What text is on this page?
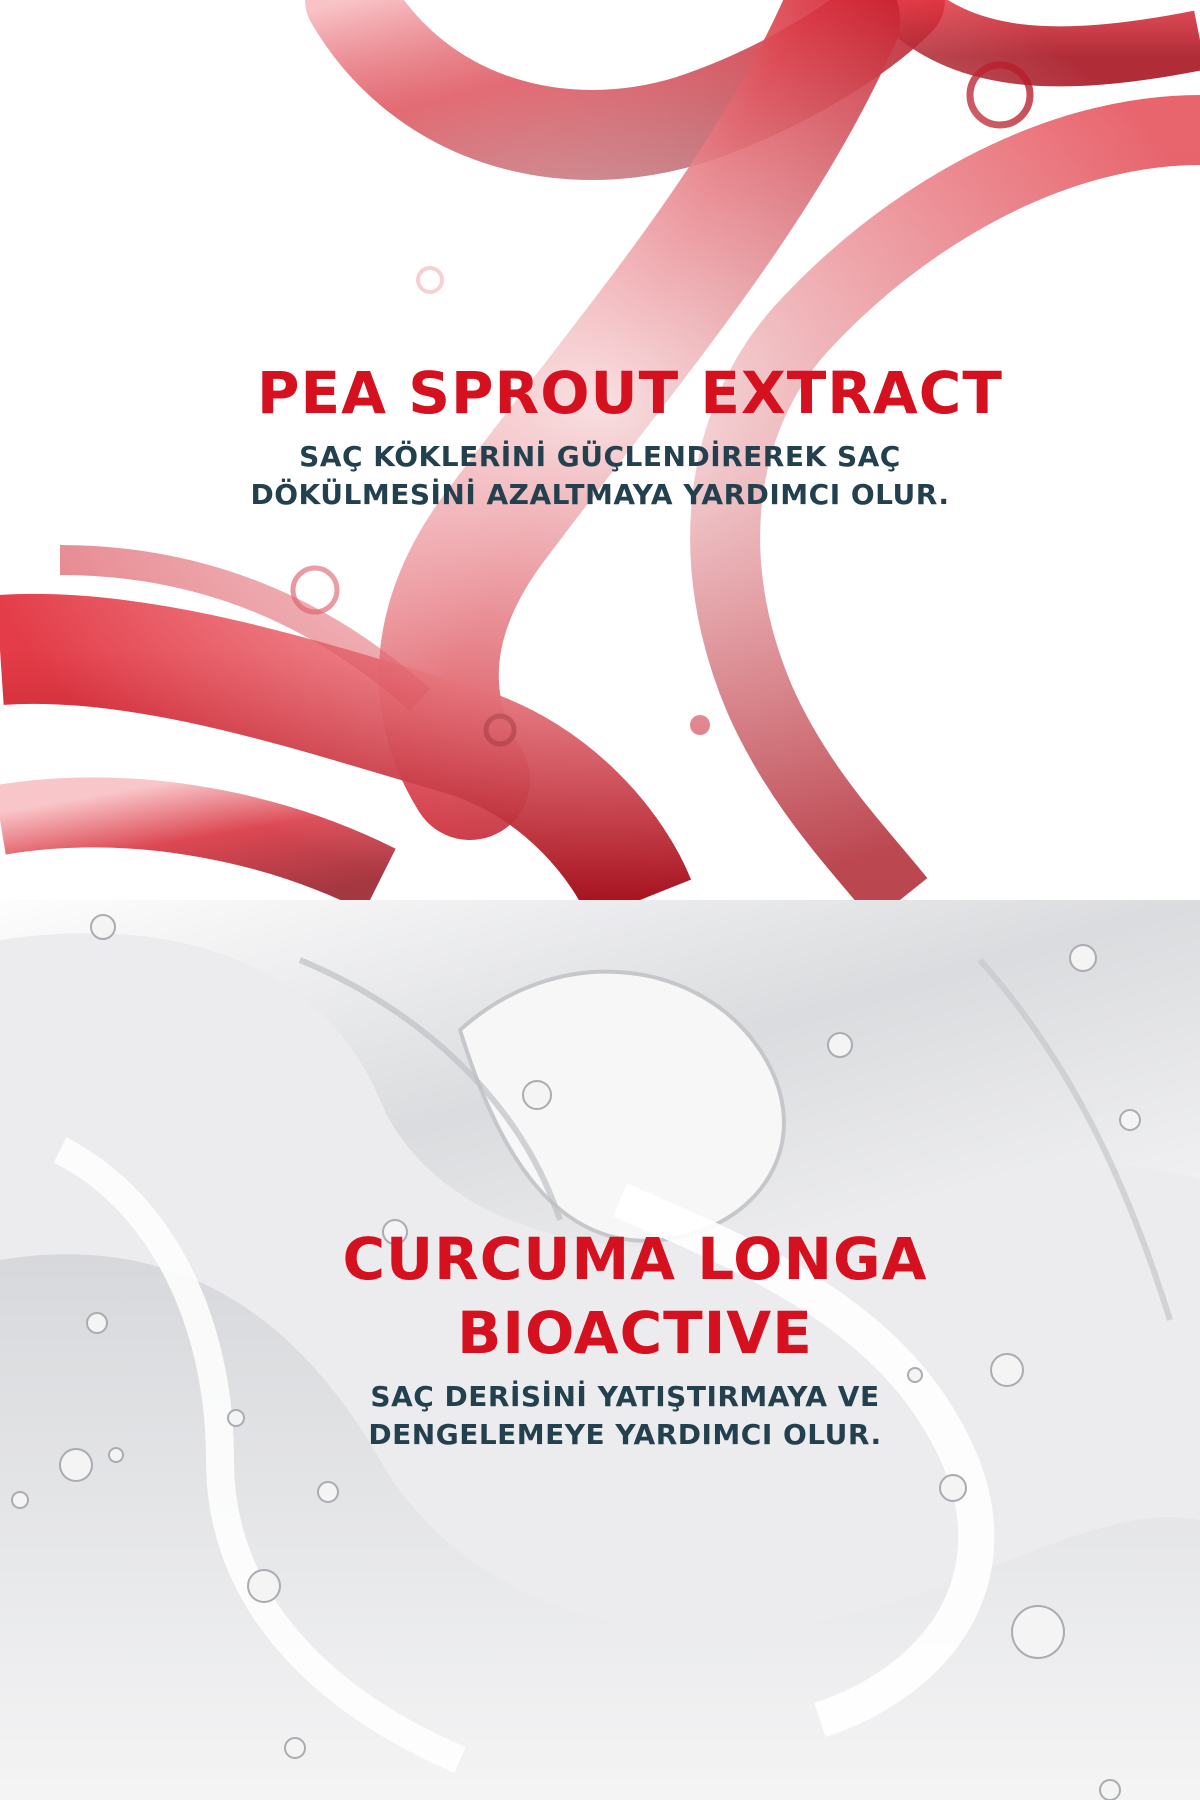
PEA SPROUT EXTRACT

SAÇ KÖKLERİNİ GÜÇLENDİREREK SAÇ
DÖKÜLMESİNİ AZALTMAYA YARDIMCI OLUR.

CURCUMA LONGA
BIOACTIVE

SAÇ DERİSİNİ YATIŞTIRMAYA VE
DENGELEMEYE YARDIMCI OLUR.
